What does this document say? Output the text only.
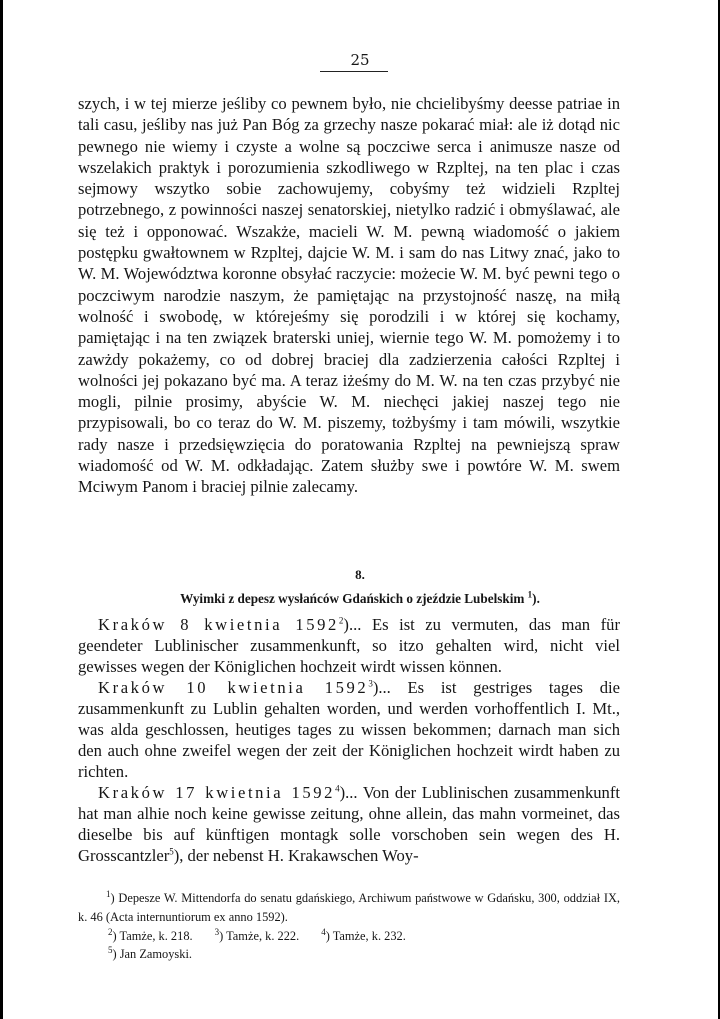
25

szych, i w tej mierze jeśliby co pewnem było, nie chcielibyśmy deesse patriae in tali casu, jeśliby nas już Pan Bóg za grzechy nasze pokarać miał: ale iż dotąd nic pewnego nie wiemy i czyste a wolne są poczciwe serca i animusze nasze od wszelakich praktyk i porozumienia szkodliwego w Rzpltej, na ten plac i czas sejmowy wszytko sobie zachowujemy, cobyśmy też widzieli Rzpltej potrzebnego, z powinności naszej senatorskiej, nietylko radzić i obmyślawać, ale się też i opponować. Wszakże, macieli W. M. pewną wiadomość o jakiem postępku gwałtownem w Rzpltej, dajcie W. M. i sam do nas Litwy znać, jako to W. M. Województwa koronne obsyłać raczycie: możecie W. M. być pewni tego o poczciwym narodzie naszym, że pamiętając na przystojność naszę, na miłą wolność i swobodę, w którejeśmy się porodzili i w której się kochamy, pamiętając i na ten związek braterski uniej, wiernie tego W. M. pomożemy i to zawżdy pokażemy, co od dobrej braciej dla zadzierzenia całości Rzpltej i wolności jej pokazano być ma. A teraz iżeśmy do M. W. na ten czas przybyć nie mogli, pilnie prosimy, abyście W. M. niechęci jakiej naszej tego nie przypisowali, bo co teraz do W. M. piszemy, tożbyśmy i tam mówili, wszytkie rady nasze i przedsięwzięcia do poratowania Rzpltej na pewniejszą spraw wiadomość od W. M. odkładając. Zatem służby swe i powtóre W. M. swem Mciwym Panom i braciej pilnie zalecamy.

8.
Wyimki z depesz wysłańców Gdańskich o zjeździe Lubelskim $^1$).

Kraków 8 kwietnia 1592$^2$)... Es ist zu vermuten, das man für geendeter Lublinischer zusammenkunft, so itzo gehalten wird, nicht viel gewisses wegen der Königlichen hochzeit wirdt wissen können.

Kraków 10 kwietnia 1592$^3$)... Es ist gestriges tages die zusammenkunft zu Lublin gehalten worden, und werden vorhoffentlich I. Mt., was alda geschlossen, heutiges tages zu wissen bekommen; darnach man sich den auch ohne zweifel wegen der zeit der Königlichen hochzeit wirdt haben zu richten.

Kraków 17 kwietnia 1592$^4$)... Von der Lublinischen zusammenkunft hat man alhie noch keine gewisse zeitung, ohne allein, das mahn vormeinet, das dieselbe bis auf künftigen montagk solle vorschoben sein wegen des H. Grosscantzler$^5$), der nebenst H. Krakawschen Woy-

$^1$) Depesze W. Mittendorfa do senatu gdańskiego, Archiwum państwowe w Gdańsku, 300, oddział IX, k. 46 (Acta internuntiorum ex anno 1592).

$^2$) Tamże, k. 218. $^3$) Tamże, k. 222. $^4$) Tamże, k. 232.

$^5$) Jan Zamoyski.
